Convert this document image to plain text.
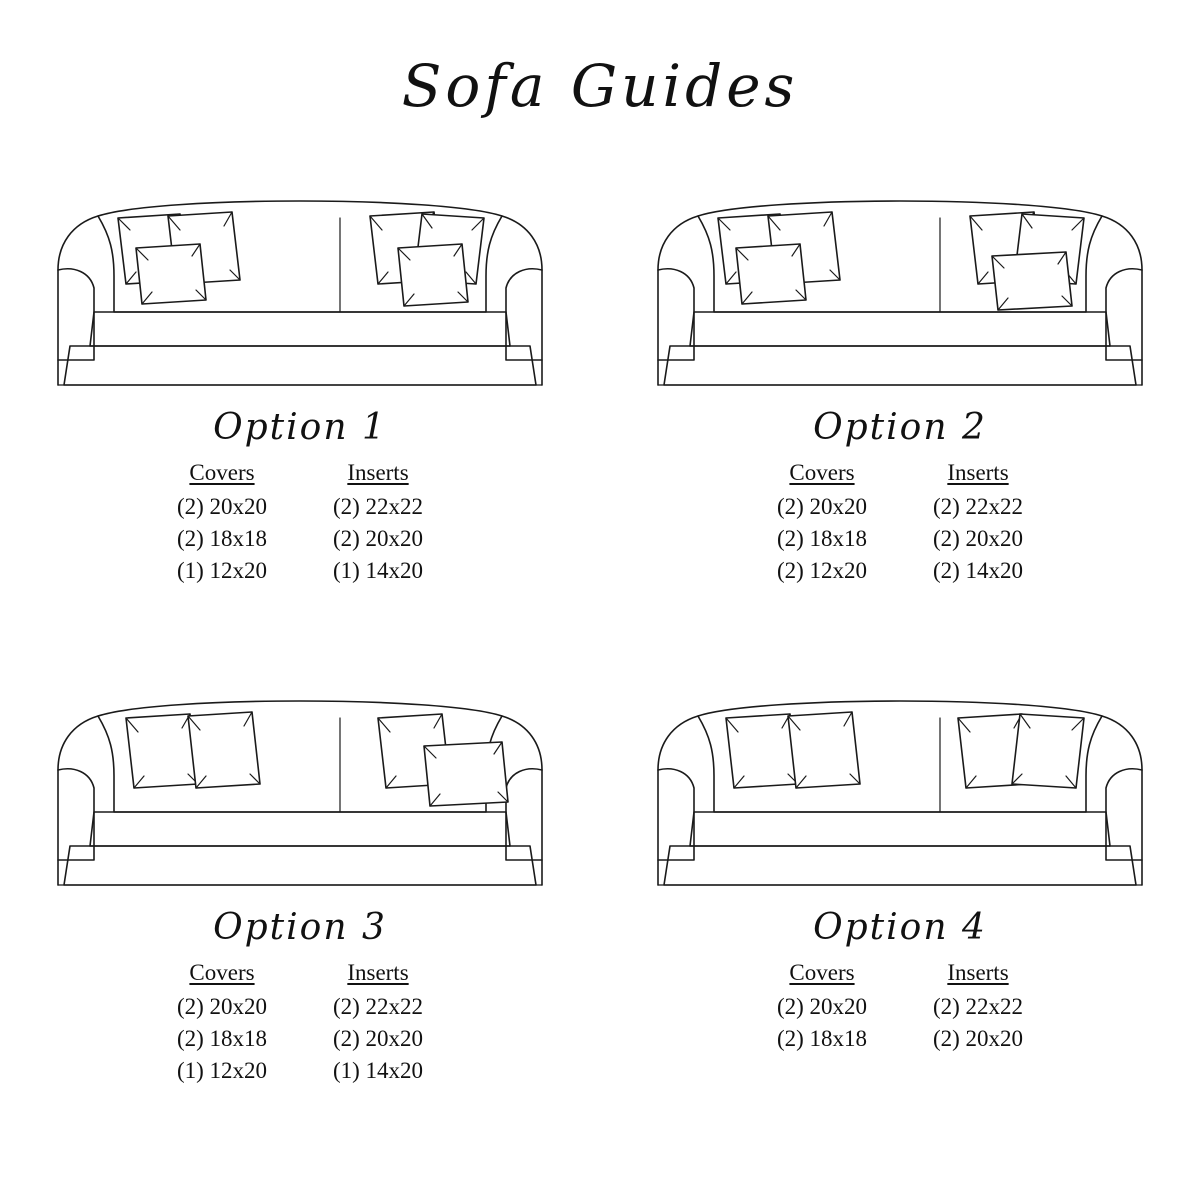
Sofa Guides
Option 1
Covers	Inserts
(2) 20x20	(2) 22x22
(2) 18x18	(2) 20x20
(1) 12x20	(1) 14x20
Option 2
Covers	Inserts
(2) 20x20	(2) 22x22
(2) 18x18	(2) 20x20
(2) 12x20	(2) 14x20
Option 3
Covers	Inserts
(2) 20x20	(2) 22x22
(2) 18x18	(2) 20x20
(1) 12x20	(1) 14x20
Option 4
Covers	Inserts
(2) 20x20	(2) 22x22
(2) 18x18	(2) 20x20
